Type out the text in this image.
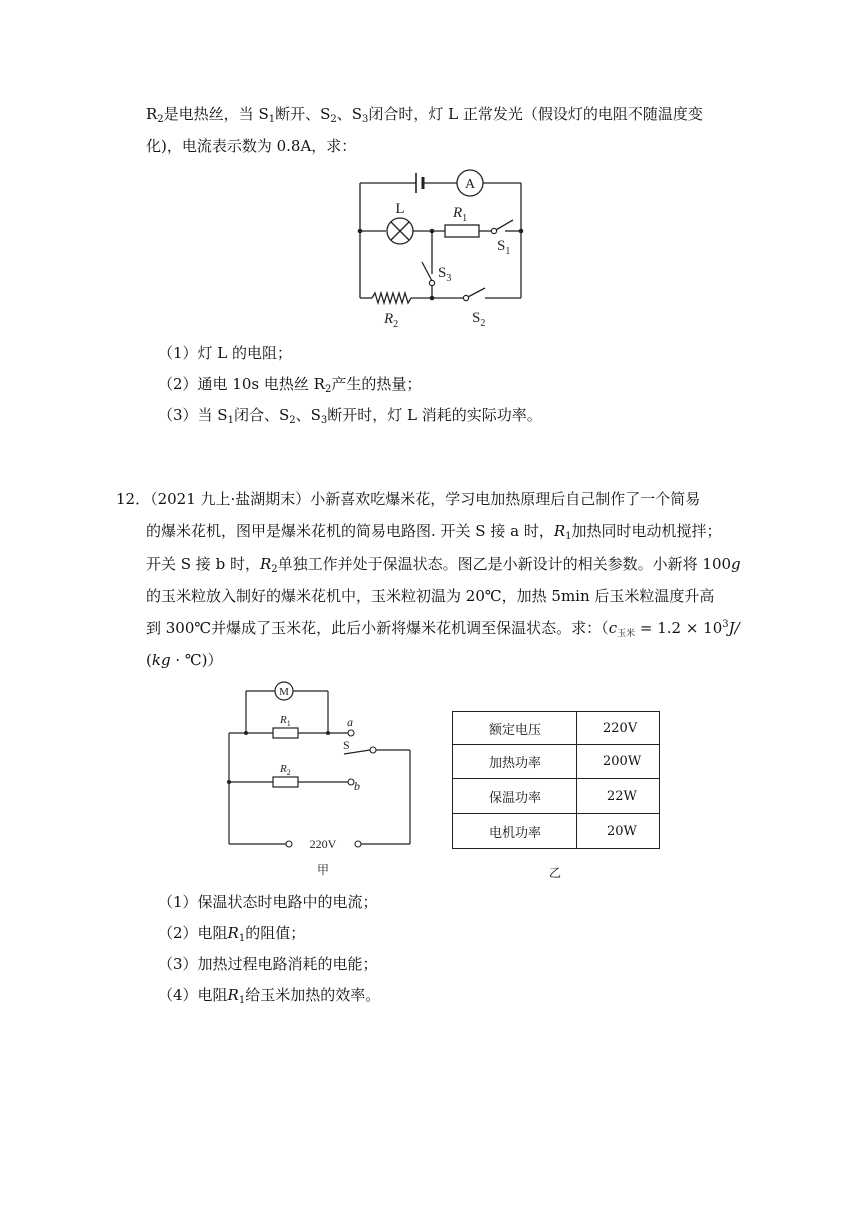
$R_2$是电热丝，当 $S_1$断开、$S_2$、$S_3$闭合时，灯 L 正常发光（假设灯的电阻不随温度变
化)，电流表示数为 0.8A，求：
A
L	$R_1$
$S_1$
$S_3$
$R_2$	$S_2$
（1）灯 L 的电阻；
（2）通电 10s 电热丝 $R_2$产生的热量；
（3）当 $S_1$闭合、$S_2$、$S_3$断开时，灯 L 消耗的实际功率。
12．（2021 九上·盐湖期末）小新喜欢吃爆米花，学习电加热原理后自己制作了一个简易
的爆米花机，图甲是爆米花机的简易电路图. 开关 S 接 a 时，$R_1$加热同时电动机搅拌；
开关 S 接 b 时，$R_2$单独工作并处于保温状态。图乙是小新设计的相关参数。小新将 100g
的玉米粒放入制好的爆米花机中，玉米粒初温为 20℃，加热 5min 后玉米粒温度升高
到 300℃并爆成了玉米花，此后小新将爆米花机调至保温状态。求：（$c_{玉米} = 1.2 \times 10^3J/$
(kg · ℃)）
M
$R_1$	a
S
$R_2$
b
220V
甲
额定电压	220V
加热功率	200W
保温功率	22W
电机功率	20W
乙
（1）保温状态时电路中的电流；
（2）电阻$R_1$的阻值；
（3）加热过程电路消耗的电能；
（4）电阻$R_1$给玉米加热的效率。
